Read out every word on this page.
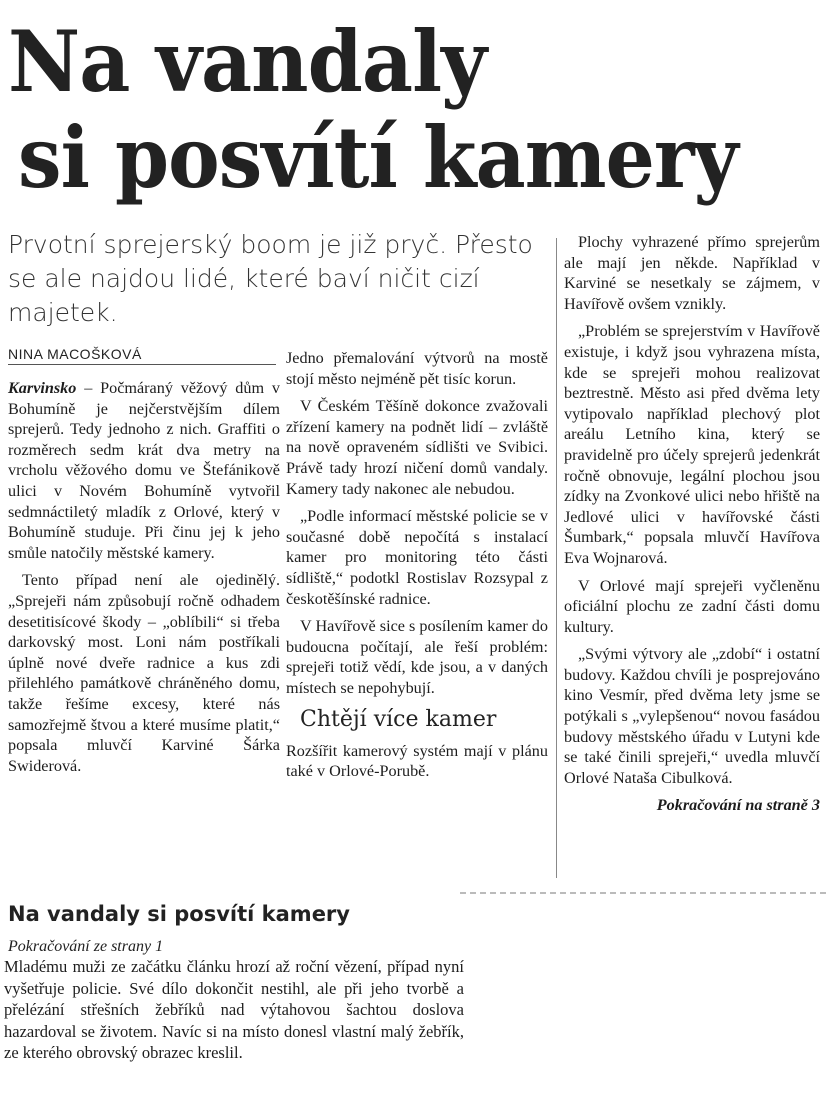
Na vandaly
si posvítí kamery

Prvotní sprejerský boom je již pryč. Přesto se ale najdou lidé, které baví ničit cizí majetek.

NINA MACOŠKOVÁ

Karvinsko – Počmáraný věžový dům v Bohumíně je nejčerstvějším dílem sprejerů. Tedy jednoho z nich. Graffiti o rozměrech sedm krát dva metry na vrcholu věžového domu ve Štefánikově ulici v Novém Bohumíně vytvořil sedmnáctiletý mladík z Orlové, který v Bohumíně studuje. Při činu jej k jeho smůle natočily městské kamery.

Tento případ není ale ojedinělý. „Sprejeři nám způsobují ročně odhadem desetitisícové škody – „oblíbili“ si třeba darkovský most. Loni nám postříkali úplně nové dveře radnice a kus zdi přilehlého památkově chráněného domu, takže řešíme excesy, které nás samozřejmě štvou a které musíme platit,“ popsala mluvčí Karviné Šárka Swiderová.

Jedno přemalování výtvorů na mostě stojí město nejméně pět tisíc korun.

V Českém Těšíně dokonce zvažovali zřízení kamery na podnět lidí – zvláště na nově opraveném sídlišti ve Svibici. Právě tady hrozí ničení domů vandaly. Kamery tady nakonec ale nebudou.

„Podle informací městské policie se v současné době nepočítá s instalací kamer pro monitoring této části sídliště,“ podotkl Rostislav Rozsypal z českotěšínské radnice.

V Havířově sice s posílením kamer do budoucna počítají, ale řeší problém: sprejeři totiž vědí, kde jsou, a v daných místech se nepohybují.

Chtějí více kamer

Rozšířit kamerový systém mají v plánu také v Orlové-Porubě.

Plochy vyhrazené přímo sprejerům ale mají jen někde. Například v Karviné se nesetkaly se zájmem, v Havířově ovšem vznikly.

„Problém se sprejerstvím v Havířově existuje, i když jsou vyhrazena místa, kde se sprejeři mohou realizovat beztrestně. Město asi před dvěma lety vytipovalo například plechový plot areálu Letního kina, který se pravidelně pro účely sprejerů jedenkrát ročně obnovuje, legální plochou jsou zídky na Zvonkové ulici nebo hřiště na Jedlové ulici v havířovské části Šumbark,“ popsala mluvčí Havířova Eva Wojnarová.

V Orlové mají sprejeři vyčleněnu oficiální plochu ze zadní části domu kultury.

„Svými výtvory ale „zdobí“ i ostatní budovy. Každou chvíli je posprejováno kino Vesmír, před dvěma lety jsme se potýkali s „vylepšenou“ novou fasádou budovy městského úřadu v Lutyni kde se také činili sprejeři,“ uvedla mluvčí Orlové Nataša Cibulková.

Pokračování na straně 3

Na vandaly si posvítí kamery

Pokračování ze strany 1

Mladému muži ze začátku článku hrozí až roční vězení, případ nyní vyšetřuje policie. Své dílo dokončit nestihl, ale při jeho tvorbě a přelézání střešních žebříků nad výtahovou šachtou doslova hazardoval se životem. Navíc si na místo donesl vlastní malý žebřík, ze kterého obrovský obrazec kreslil.
